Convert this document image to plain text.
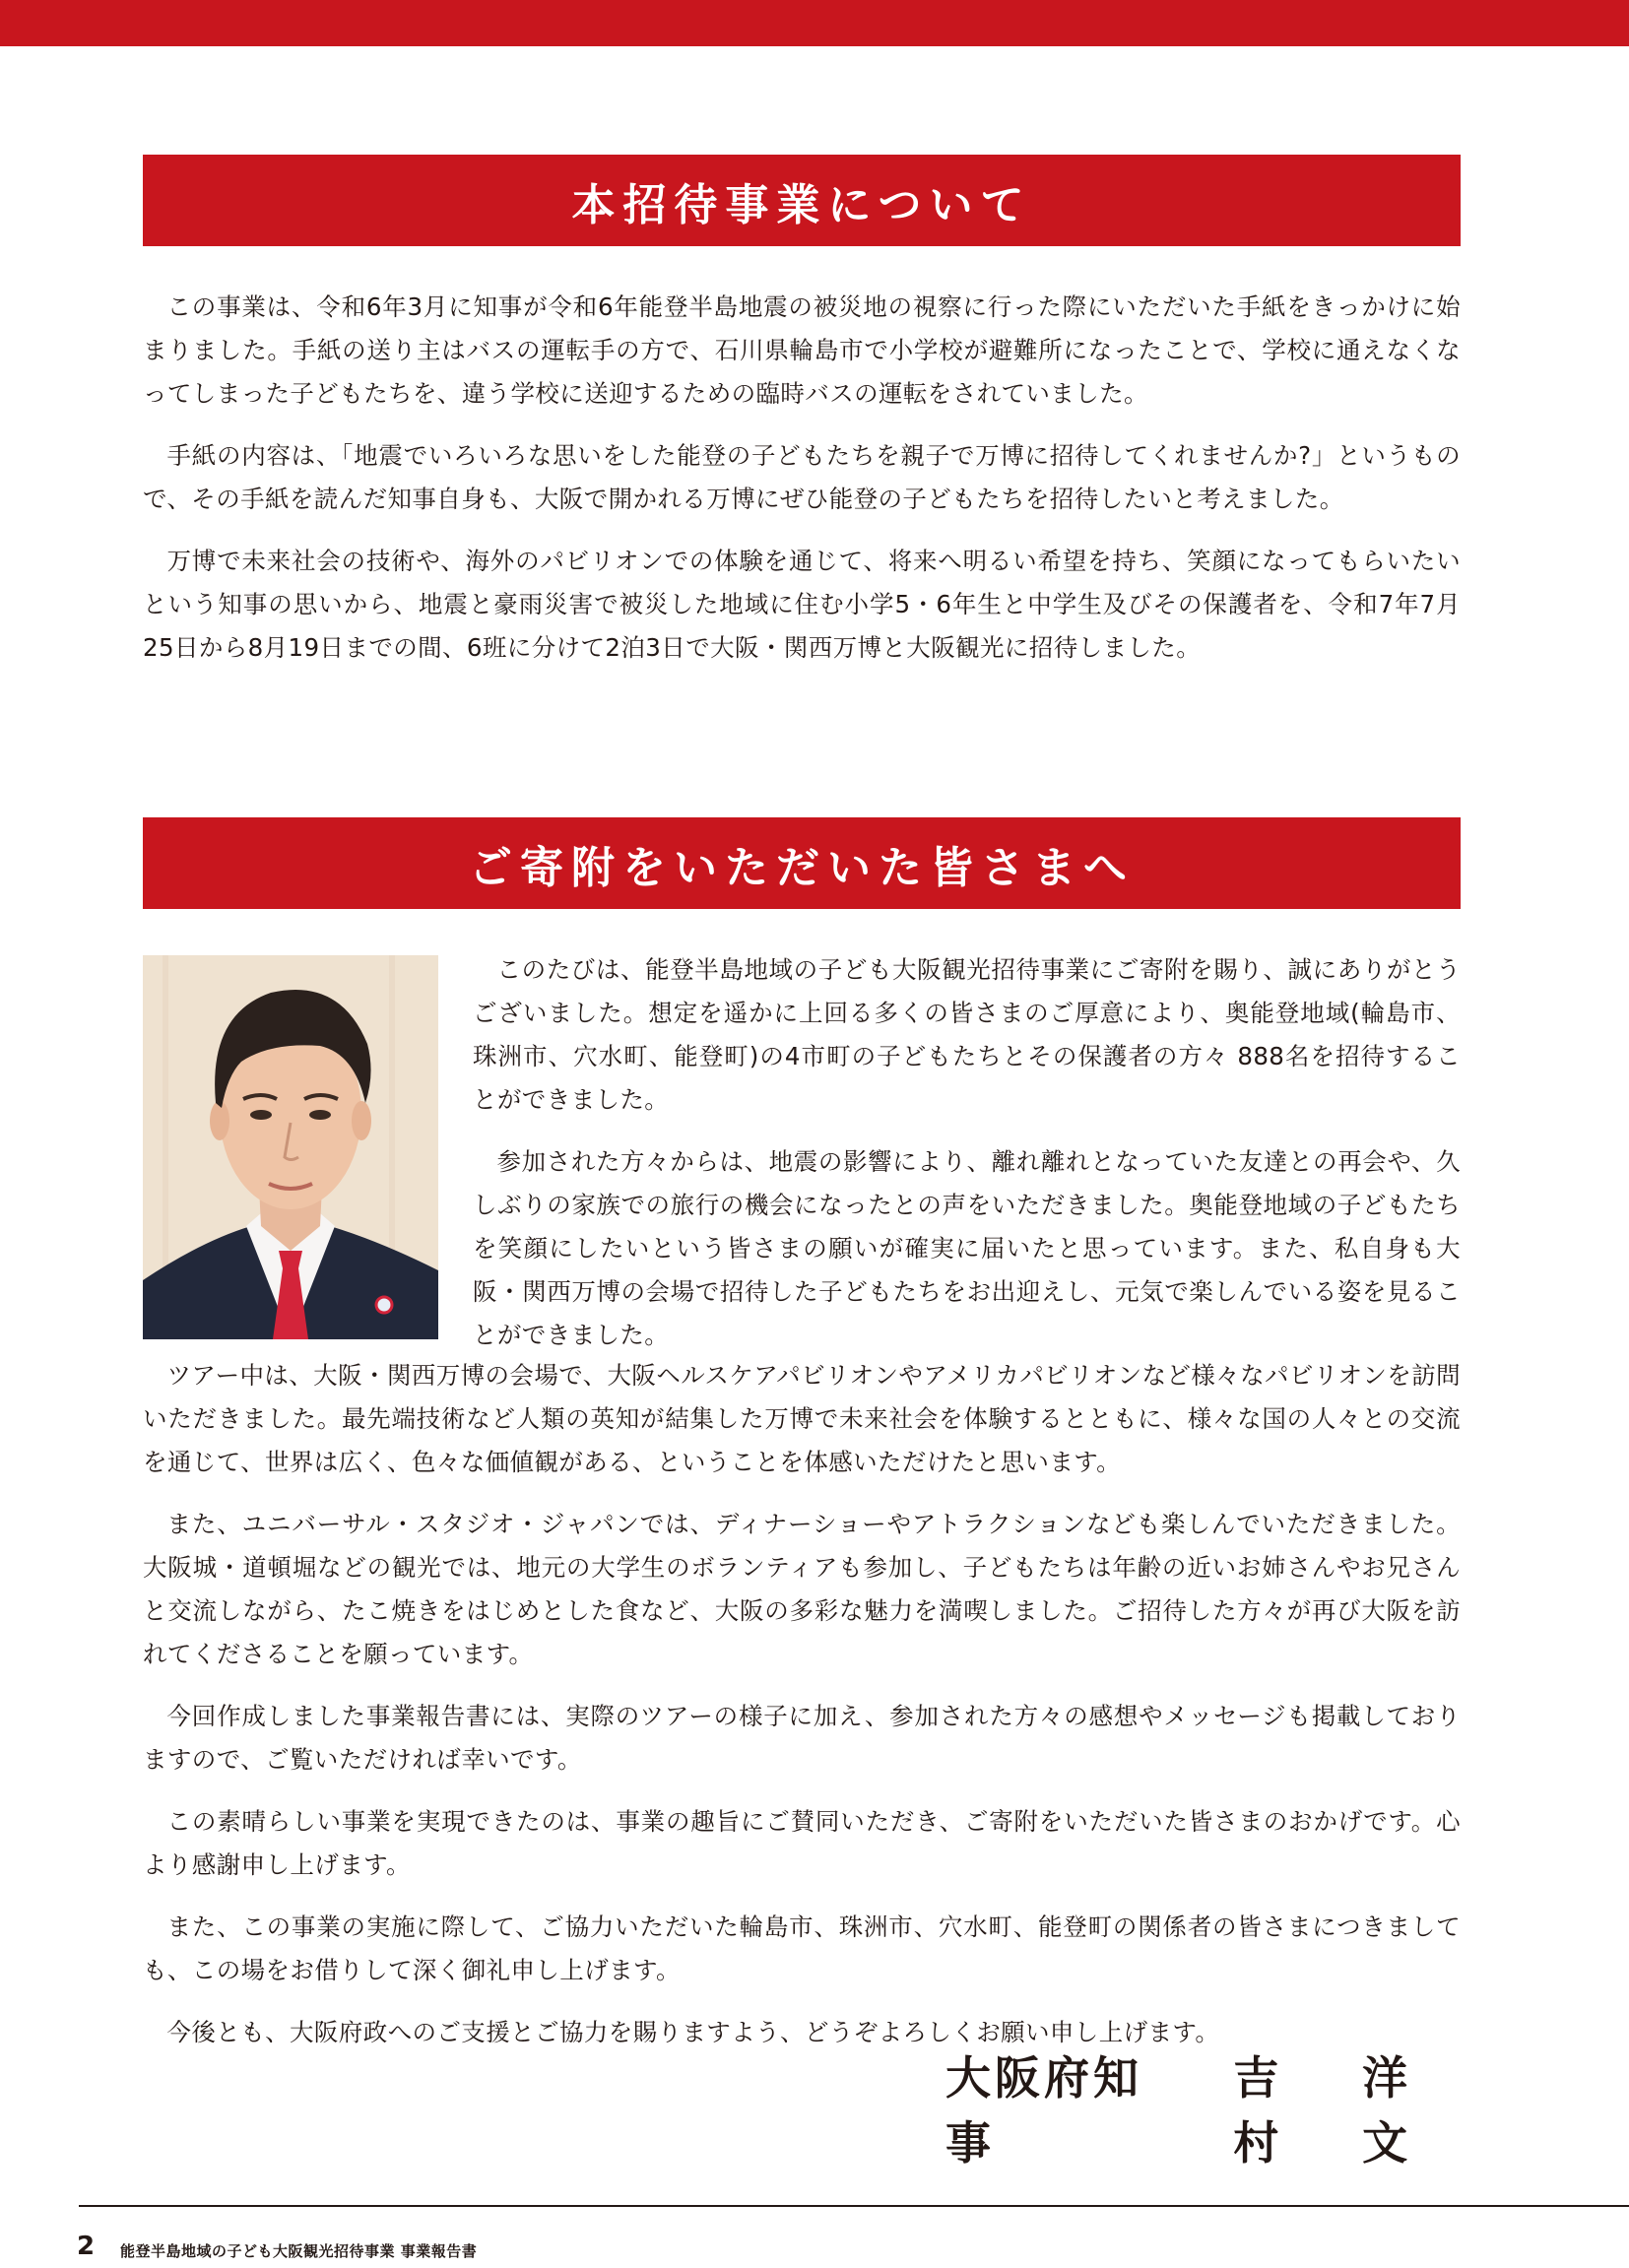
本招待事業について

この事業は、令和6年3月に知事が令和6年能登半島地震の被災地の視察に行った際にいただいた手紙をきっかけに始まりました。手紙の送り主はバスの運転手の方で、石川県輪島市で小学校が避難所になったことで、学校に通えなくなってしまった子どもたちを、違う学校に送迎するための臨時バスの運転をされていました。

手紙の内容は、「地震でいろいろな思いをした能登の子どもたちを親子で万博に招待してくれませんか?」というもので、その手紙を読んだ知事自身も、大阪で開かれる万博にぜひ能登の子どもたちを招待したいと考えました。

万博で未来社会の技術や、海外のパビリオンでの体験を通じて、将来へ明るい希望を持ち、笑顔になってもらいたいという知事の思いから、地震と豪雨災害で被災した地域に住む小学5・6年生と中学生及びその保護者を、令和7年7月25日から8月19日までの間、6班に分けて2泊3日で大阪・関西万博と大阪観光に招待しました。

ご寄附をいただいた皆さまへ

このたびは、能登半島地域の子ども大阪観光招待事業にご寄附を賜り、誠にありがとうございました。想定を遥かに上回る多くの皆さまのご厚意により、奥能登地域(輪島市、珠洲市、穴水町、能登町)の4市町の子どもたちとその保護者の方々 888名を招待することができました。

参加された方々からは、地震の影響により、離れ離れとなっていた友達との再会や、久しぶりの家族での旅行の機会になったとの声をいただきました。奥能登地域の子どもたちを笑顔にしたいという皆さまの願いが確実に届いたと思っています。また、私自身も大阪・関西万博の会場で招待した子どもたちをお出迎えし、元気で楽しんでいる姿を見ることができました。

ツアー中は、大阪・関西万博の会場で、大阪ヘルスケアパビリオンやアメリカパビリオンなど様々なパビリオンを訪問いただきました。最先端技術など人類の英知が結集した万博で未来社会を体験するとともに、様々な国の人々との交流を通じて、世界は広く、色々な価値観がある、ということを体感いただけたと思います。

また、ユニバーサル・スタジオ・ジャパンでは、ディナーショーやアトラクションなども楽しんでいただきました。大阪城・道頓堀などの観光では、地元の大学生のボランティアも参加し、子どもたちは年齢の近いお姉さんやお兄さんと交流しながら、たこ焼きをはじめとした食など、大阪の多彩な魅力を満喫しました。ご招待した方々が再び大阪を訪れてくださることを願っています。

今回作成しました事業報告書には、実際のツアーの様子に加え、参加された方々の感想やメッセージも掲載しておりますので、ご覧いただければ幸いです。

この素晴らしい事業を実現できたのは、事業の趣旨にご賛同いただき、ご寄附をいただいた皆さまのおかげです。心より感謝申し上げます。

また、この事業の実施に際して、ご協力いただいた輪島市、珠洲市、穴水町、能登町の関係者の皆さまにつきましても、この場をお借りして深く御礼申し上げます。

今後とも、大阪府政へのご支援とご協力を賜りますよう、どうぞよろしくお願い申し上げます。

大阪府知事
吉村
洋文
2 能登半島地域の子ども大阪観光招待事業 事業報告書
